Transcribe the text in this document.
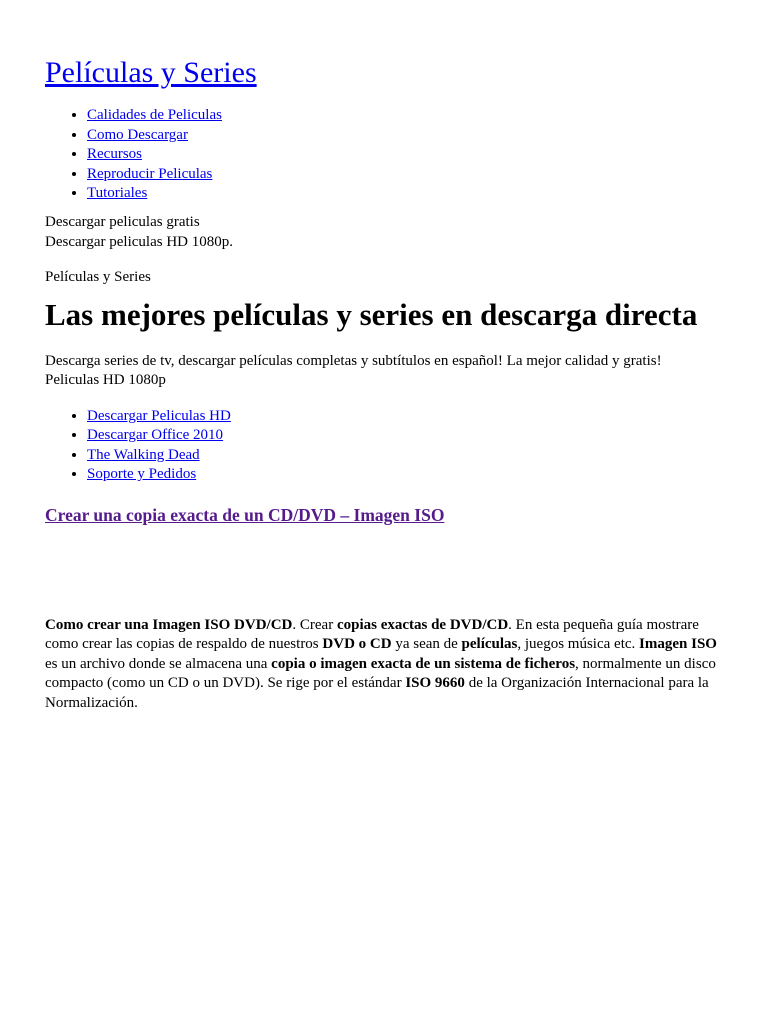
Películas y Series
• Calidades de Peliculas
• Como Descargar
• Recursos
• Reproducir Peliculas
• Tutoriales

Descargar peliculas gratis
Descargar peliculas HD 1080p.

Películas y Series

Las mejores películas y series en descarga directa

Descarga series de tv, descargar películas completas y subtítulos en español! La mejor calidad y gratis!
Peliculas HD 1080p

• Descargar Peliculas HD
• Descargar Office 2010
• The Walking Dead
• Soporte y Pedidos
Crear una copia exacta de un CD/DVD – Imagen ISO

Como crear una Imagen ISO DVD/CD. Crear copias exactas de DVD/CD. En esta pequeña guía mostrare como crear las copias de respaldo de nuestros DVD o CD ya sean de películas, juegos música etc. Imagen ISO es un archivo donde se almacena una copia o imagen exacta de un sistema de ficheros, normalmente un disco compacto (como un CD o un DVD). Se rige por el estándar ISO 9660 de la Organización Internacional para la Normalización.
